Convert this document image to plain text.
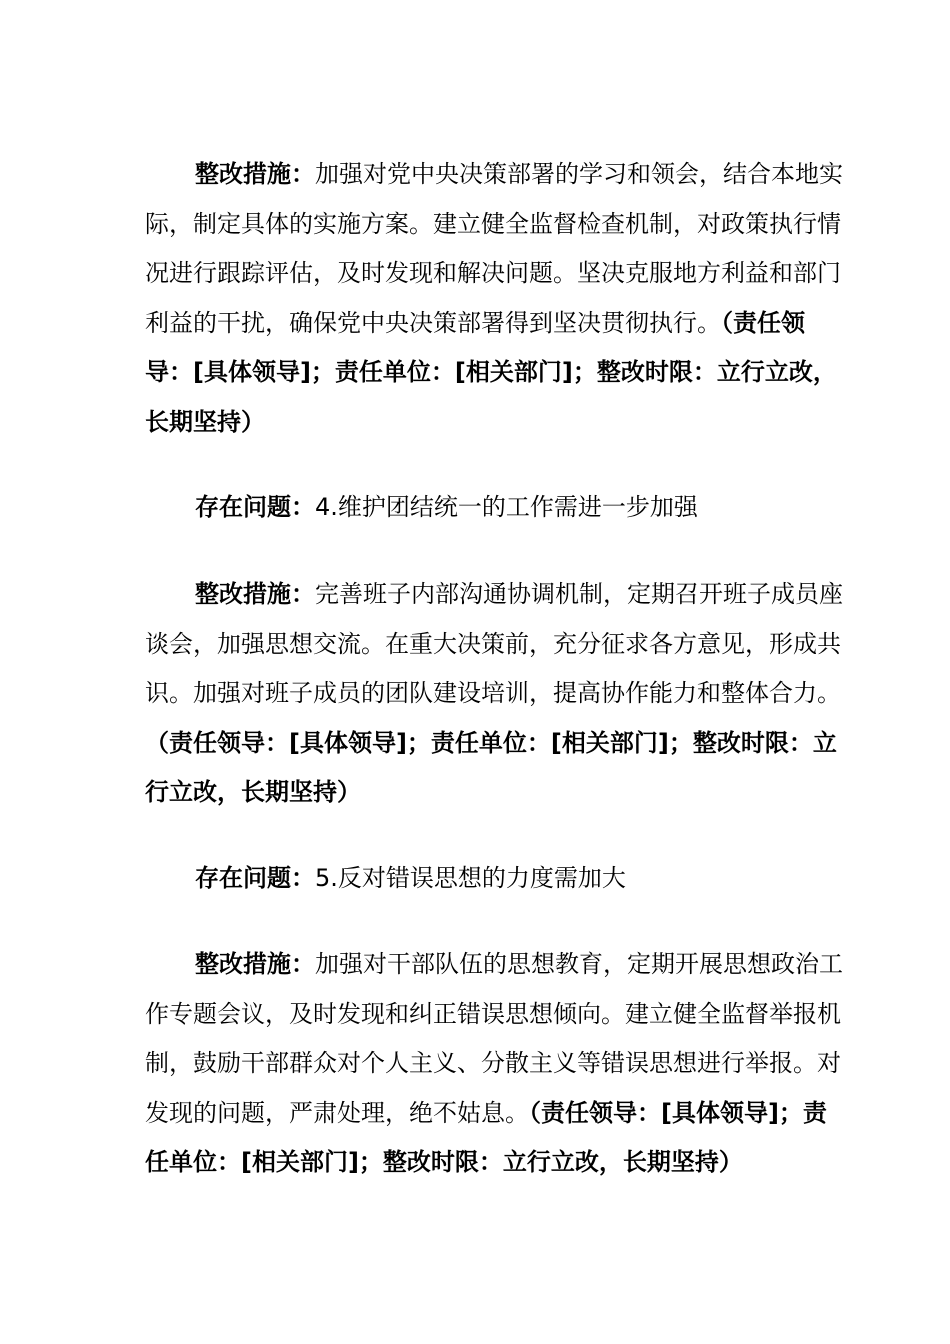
整改措施：加强对党中央决策部署的学习和领会，结合本地实际，制定具体的实施方案。建立健全监督检查机制，对政策执行情况进行跟踪评估，及时发现和解决问题。坚决克服地方利益和部门利益的干扰，确保党中央决策部署得到坚决贯彻执行。（责任领导：[具体领导]；责任单位：[相关部门]；整改时限：立行立改，长期坚持）

存在问题：4.维护团结统一的工作需进一步加强

整改措施：完善班子内部沟通协调机制，定期召开班子成员座谈会，加强思想交流。在重大决策前，充分征求各方意见，形成共识。加强对班子成员的团队建设培训，提高协作能力和整体合力。（责任领导：[具体领导]；责任单位：[相关部门]；整改时限：立行立改，长期坚持）

存在问题：5.反对错误思想的力度需加大

整改措施：加强对干部队伍的思想教育，定期开展思想政治工作专题会议，及时发现和纠正错误思想倾向。建立健全监督举报机制，鼓励干部群众对个人主义、分散主义等错误思想进行举报。对发现的问题，严肃处理，绝不姑息。（责任领导：[具体领导]；责任单位：[相关部门]；整改时限：立行立改，长期坚持）
